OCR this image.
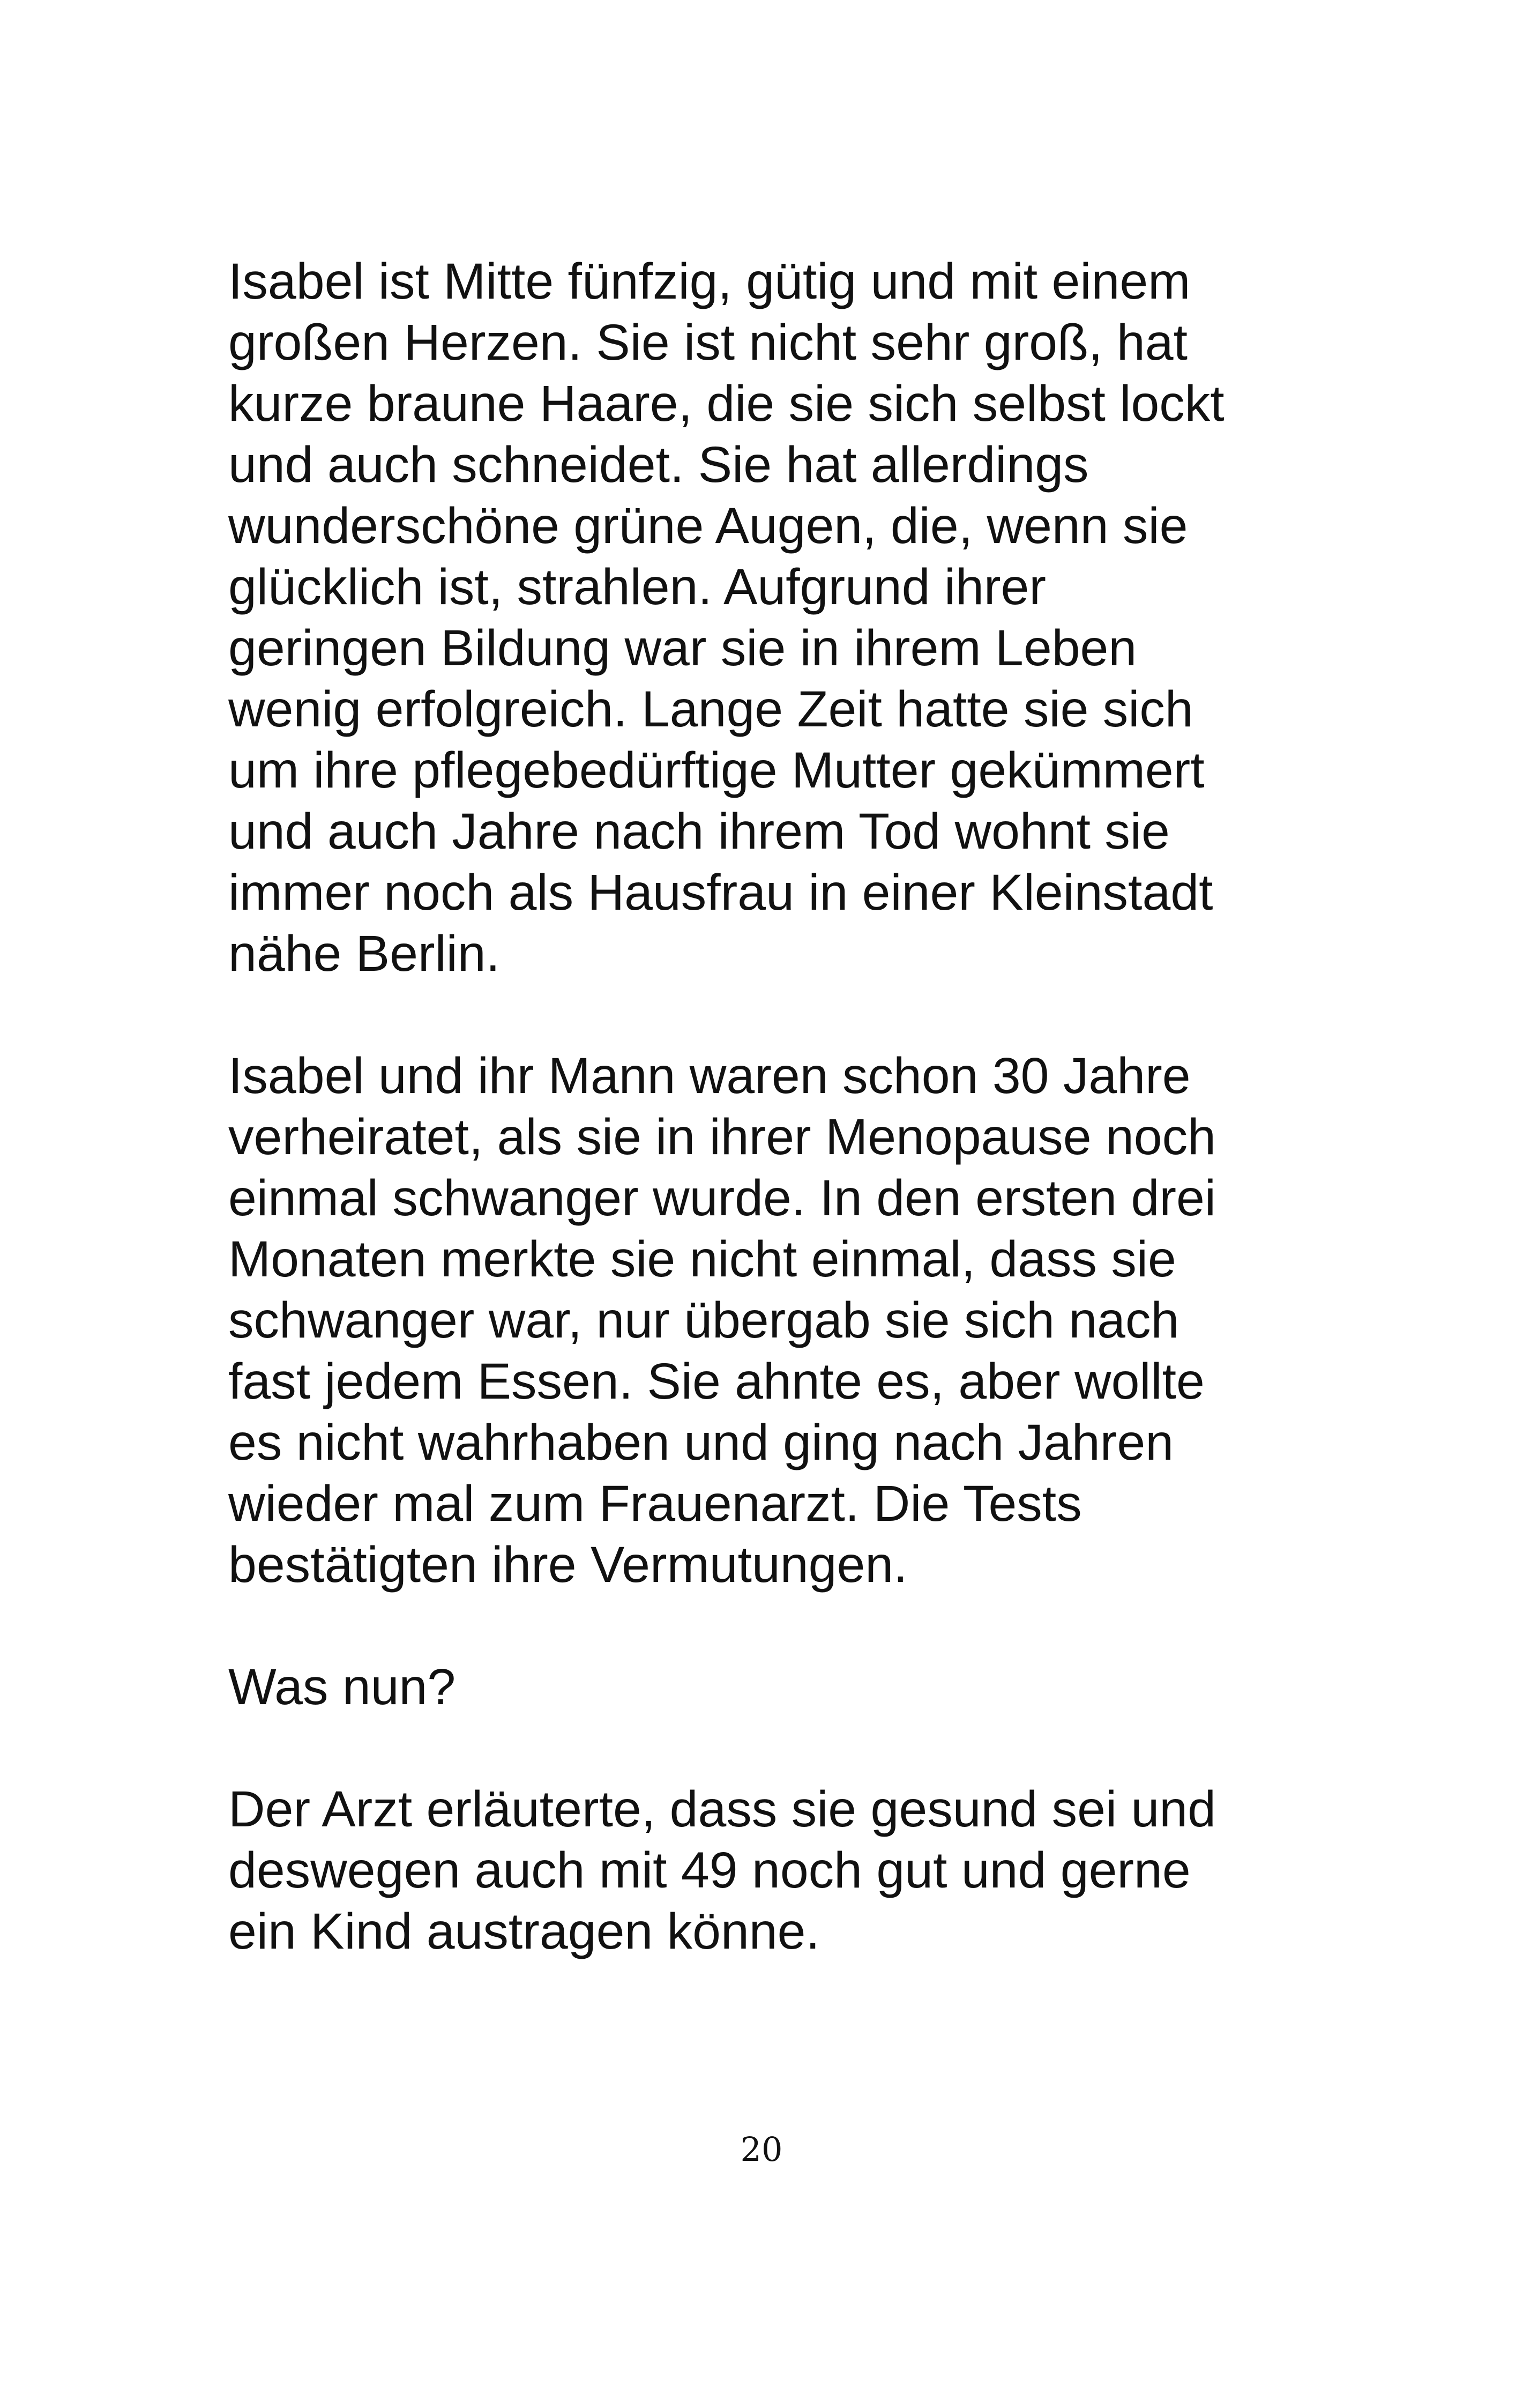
Isabel ist Mitte fünfzig, gütig und mit einem
großen Herzen. Sie ist nicht sehr groß, hat
kurze braune Haare, die sie sich selbst lockt
und auch schneidet. Sie hat allerdings
wunderschöne grüne Augen, die, wenn sie
glücklich ist, strahlen. Aufgrund ihrer
geringen Bildung war sie in ihrem Leben
wenig erfolgreich. Lange Zeit hatte sie sich
um ihre pflegebedürftige Mutter gekümmert
und auch Jahre nach ihrem Tod wohnt sie
immer noch als Hausfrau in einer Kleinstadt
nähe Berlin.

Isabel und ihr Mann waren schon 30 Jahre
verheiratet, als sie in ihrer Menopause noch
einmal schwanger wurde. In den ersten drei
Monaten merkte sie nicht einmal, dass sie
schwanger war, nur übergab sie sich nach
fast jedem Essen. Sie ahnte es, aber wollte
es nicht wahrhaben und ging nach Jahren
wieder mal zum Frauenarzt. Die Tests
bestätigten ihre Vermutungen.

Was nun?

Der Arzt erläuterte, dass sie gesund sei und
deswegen auch mit 49 noch gut und gerne
ein Kind austragen könne.

20
